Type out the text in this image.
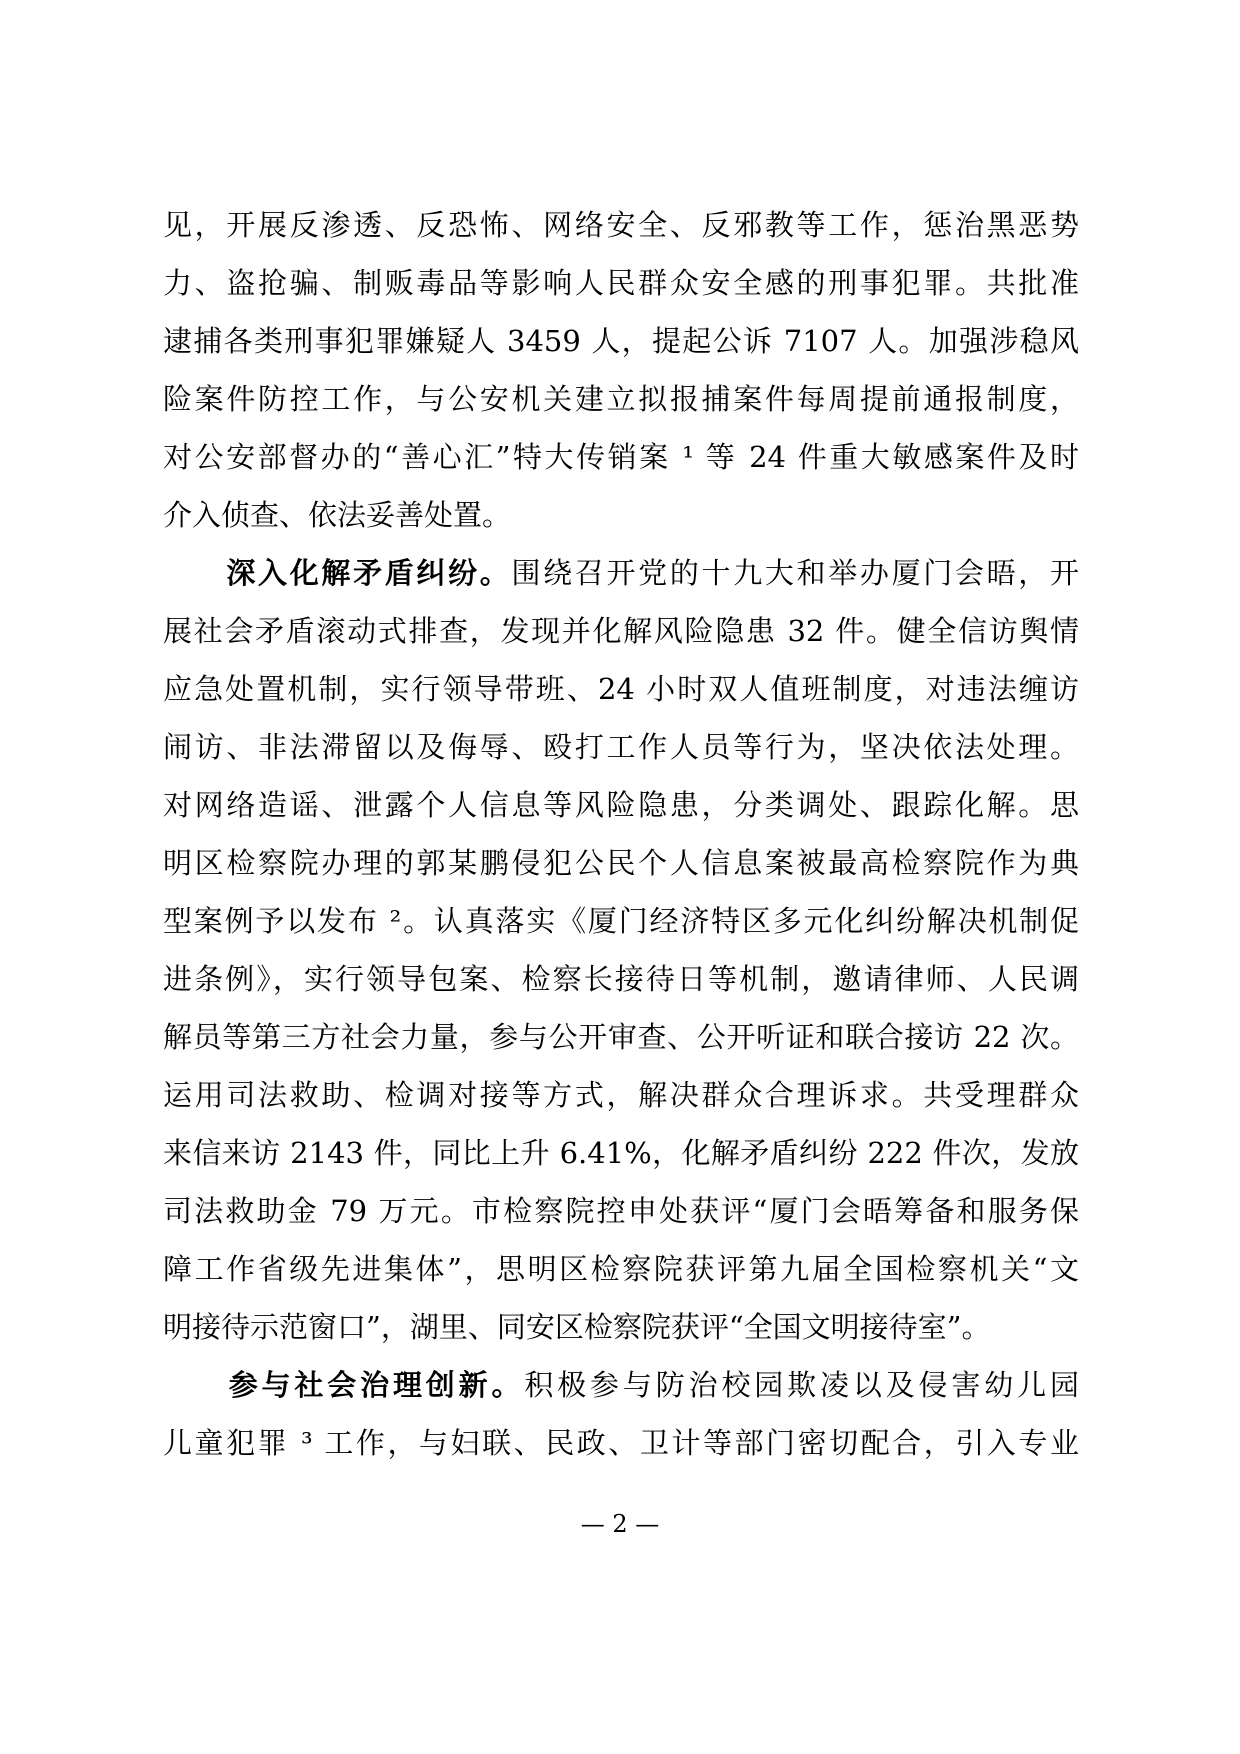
见，开展反渗透、反恐怖、网络安全、反邪教等工作，惩治黑恶势
力、盗抢骗、制贩毒品等影响人民群众安全感的刑事犯罪。共批准
逮捕各类刑事犯罪嫌疑人 3459 人，提起公诉 7107 人。加强涉稳风
险案件防控工作，与公安机关建立拟报捕案件每周提前通报制度，
对公安部督办的“善心汇”特大传销案 ¹ 等 24 件重大敏感案件及时
介入侦查、依法妥善处置。
　　深入化解矛盾纠纷。围绕召开党的十九大和举办厦门会晤，开
展社会矛盾滚动式排查，发现并化解风险隐患 32 件。健全信访舆情
应急处置机制，实行领导带班、24 小时双人值班制度，对违法缠访
闹访、非法滞留以及侮辱、殴打工作人员等行为，坚决依法处理。
对网络造谣、泄露个人信息等风险隐患，分类调处、跟踪化解。思
明区检察院办理的郭某鹏侵犯公民个人信息案被最高检察院作为典
型案例予以发布 ²。认真落实《厦门经济特区多元化纠纷解决机制促
进条例》，实行领导包案、检察长接待日等机制，邀请律师、人民调
解员等第三方社会力量，参与公开审查、公开听证和联合接访 22 次。
运用司法救助、检调对接等方式，解决群众合理诉求。共受理群众
来信来访 2143 件，同比上升 6.41%，化解矛盾纠纷 222 件次，发放
司法救助金 79 万元。市检察院控申处获评“厦门会晤筹备和服务保
障工作省级先进集体”，思明区检察院获评第九届全国检察机关“文
明接待示范窗口”，湖里、同安区检察院获评“全国文明接待室”。
　　参与社会治理创新。积极参与防治校园欺凌以及侵害幼儿园
儿童犯罪 ³ 工作，与妇联、民政、卫计等部门密切配合，引入专业
— 2 —
